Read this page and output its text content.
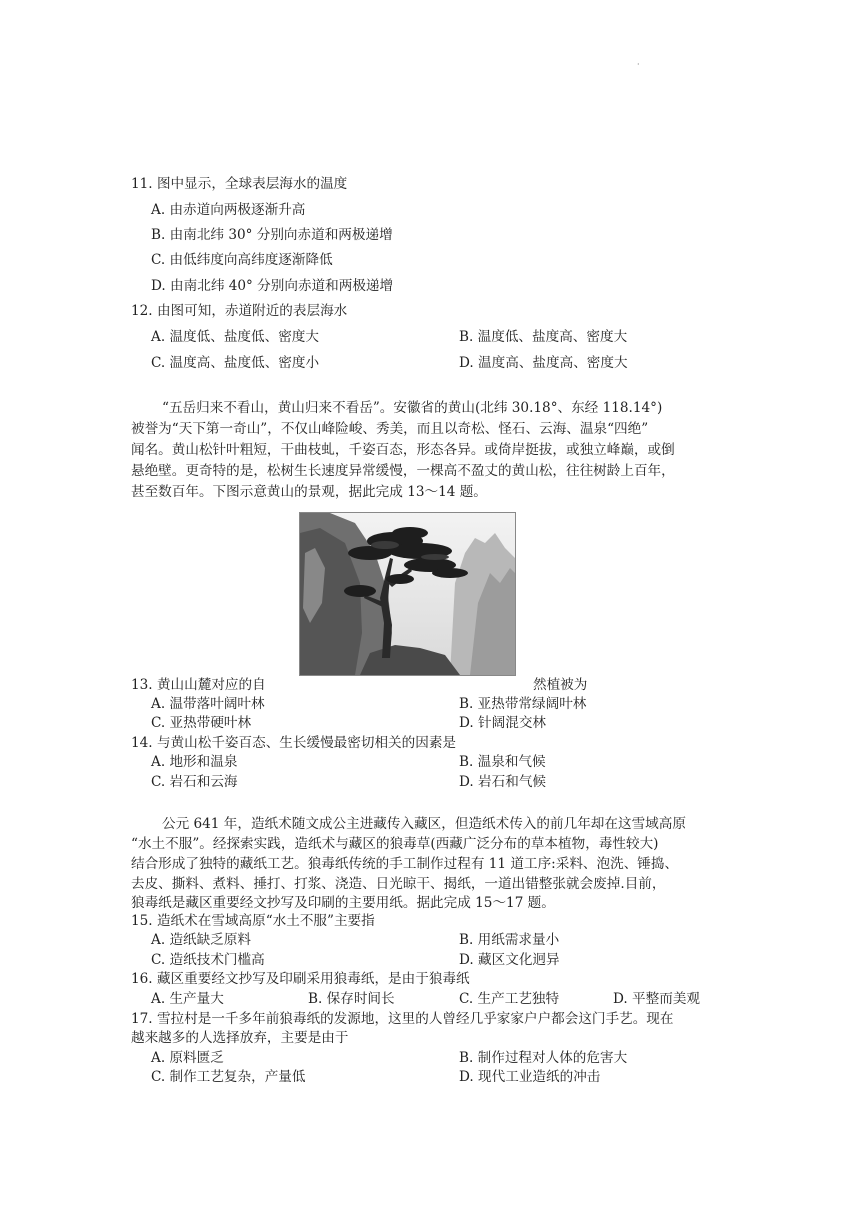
·
11. 图中显示，全球表层海水的温度
A. 由赤道向两极逐渐升高
B. 由南北纬 30° 分别向赤道和两极递增
C. 由低纬度向高纬度逐渐降低
D. 由南北纬 40° 分别向赤道和两极递增
12. 由图可知，赤道附近的表层海水
A. 温度低、盐度低、密度大	B. 温度低、盐度高、密度大
C. 温度高、盐度低、密度小	D. 温度高、盐度高、密度大
“五岳归来不看山，黄山归来不看岳”。安徽省的黄山(北纬 30.18°、东经 118.14°)
被誉为“天下第一奇山”，不仅山峰险峻、秀美，而且以奇松、怪石、云海、温泉“四绝”
闻名。黄山松针叶粗短，干曲枝虬，千姿百态，形态各异。或倚岸挺拔，或独立峰巅，或倒
悬绝壁。更奇特的是，松树生长速度异常缓慢，一棵高不盈丈的黄山松，往往树龄上百年，
甚至数百年。下图示意黄山的景观，据此完成 13～14 题。
13. 黄山山麓对应的自	然植被为
A. 温带落叶阔叶林	B. 亚热带常绿阔叶林
C. 亚热带硬叶林	D. 针阔混交林
14. 与黄山松千姿百态、生长缓慢最密切相关的因素是
A. 地形和温泉	B. 温泉和气候
C. 岩石和云海	D. 岩石和气候
公元 641 年，造纸术随文成公主进藏传入藏区，但造纸术传入的前几年却在这雪域高原
“水土不服”。经探索实践，造纸术与藏区的狼毒草(西藏广泛分布的草本植物，毒性较大)
结合形成了独特的藏纸工艺。狼毒纸传统的手工制作过程有 11 道工序:采料、泡洗、锤捣、
去皮、撕料、煮料、捶打、打浆、浇造、日光晾干、揭纸，一道出错整张就会废掉.目前，
狼毒纸是藏区重要经文抄写及印刷的主要用纸。据此完成 15～17 题。
15. 造纸术在雪域高原“水土不服”主要指
A. 造纸缺乏原料	B. 用纸需求量小
C. 造纸技术门槛高	D. 藏区文化迥异
16. 藏区重要经文抄写及印刷采用狼毒纸，是由于狼毒纸
A. 生产量大	B. 保存时间长	C. 生产工艺独特	D. 平整而美观
17. 雪拉村是一千多年前狼毒纸的发源地，这里的人曾经几乎家家户户都会这门手艺。现在
越来越多的人选择放弃，主要是由于
A. 原料匮乏	B. 制作过程对人体的危害大
C. 制作工艺复杂，产量低	D. 现代工业造纸的冲击
